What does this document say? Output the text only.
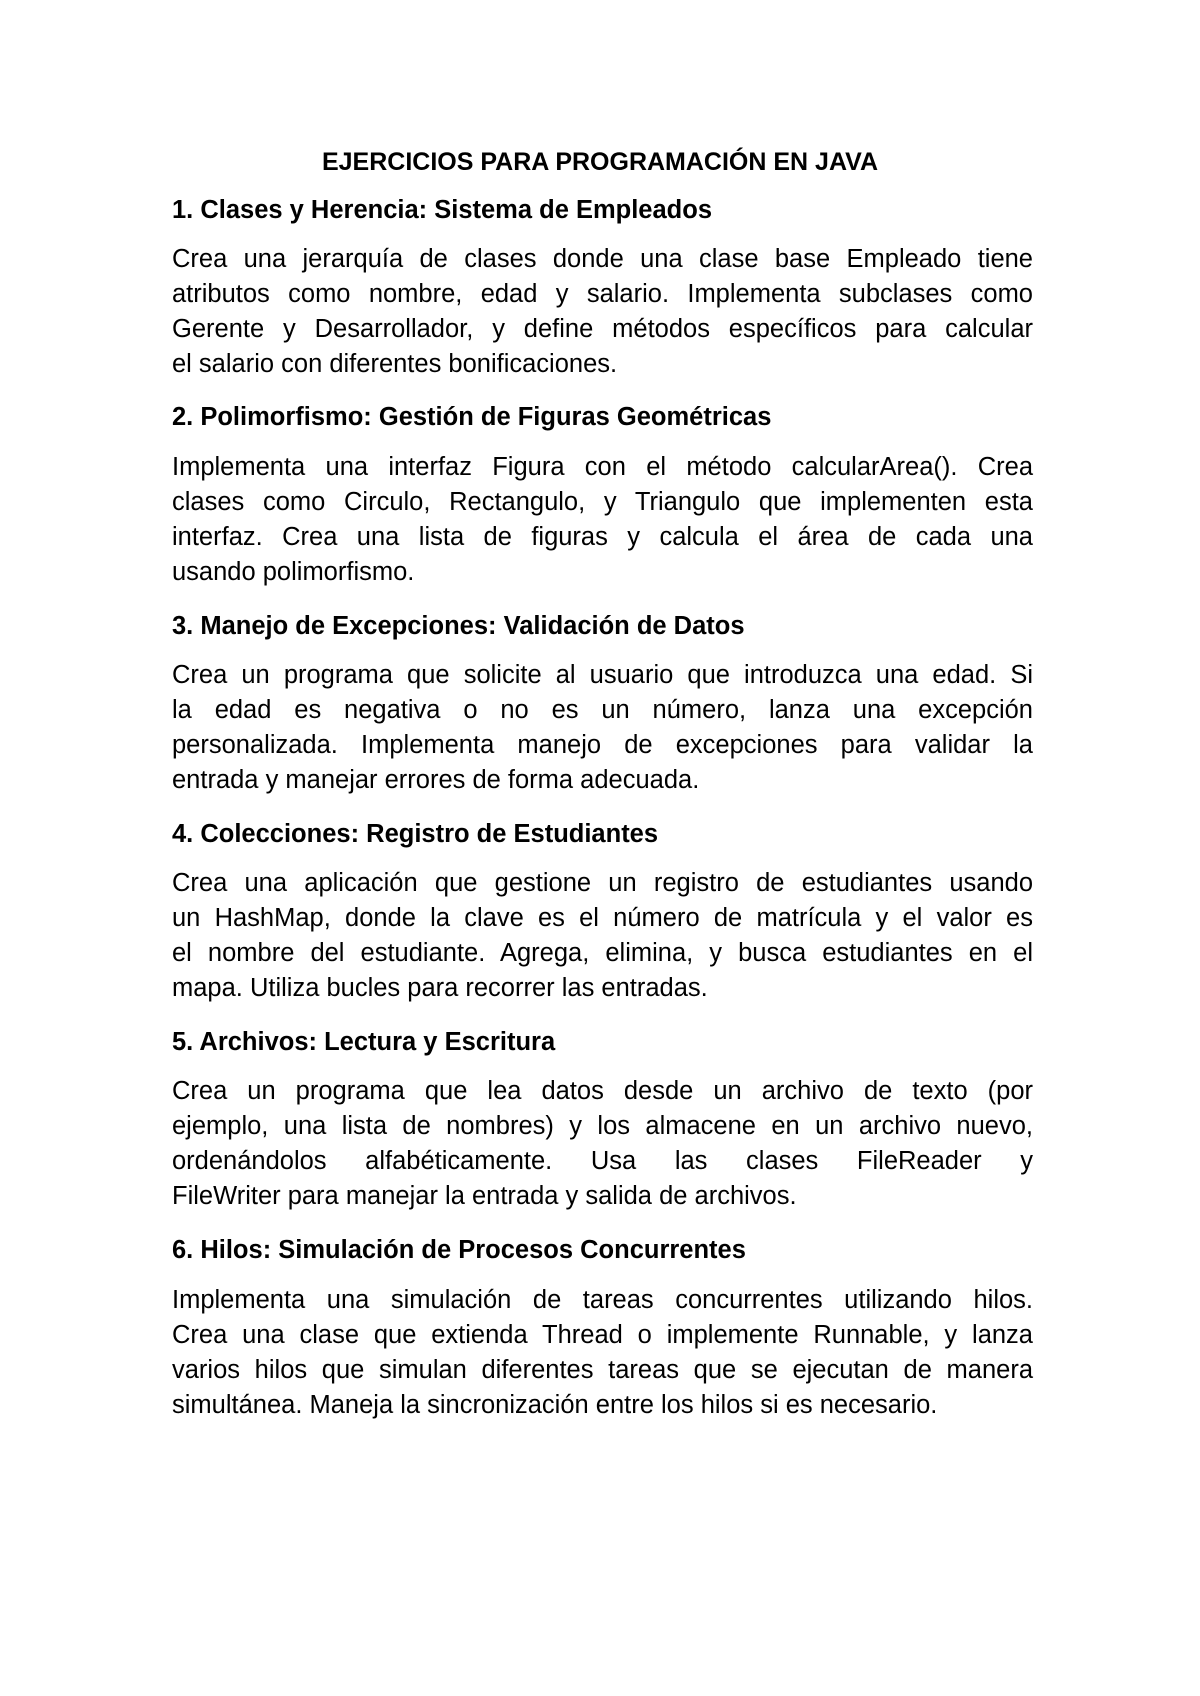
EJERCICIOS PARA PROGRAMACIÓN EN JAVA
1. Clases y Herencia: Sistema de Empleados
Crea una jerarquía de clases donde una clase base Empleado tiene
atributos como nombre, edad y salario. Implementa subclases como
Gerente y Desarrollador, y define métodos específicos para calcular
el salario con diferentes bonificaciones.
2. Polimorfismo: Gestión de Figuras Geométricas
Implementa una interfaz Figura con el método calcularArea(). Crea
clases como Circulo, Rectangulo, y Triangulo que implementen esta
interfaz. Crea una lista de figuras y calcula el área de cada una
usando polimorfismo.
3. Manejo de Excepciones: Validación de Datos
Crea un programa que solicite al usuario que introduzca una edad. Si
la edad es negativa o no es un número, lanza una excepción
personalizada. Implementa manejo de excepciones para validar la
entrada y manejar errores de forma adecuada.
4. Colecciones: Registro de Estudiantes
Crea una aplicación que gestione un registro de estudiantes usando
un HashMap, donde la clave es el número de matrícula y el valor es
el nombre del estudiante. Agrega, elimina, y busca estudiantes en el
mapa. Utiliza bucles para recorrer las entradas.
5. Archivos: Lectura y Escritura
Crea un programa que lea datos desde un archivo de texto (por
ejemplo, una lista de nombres) y los almacene en un archivo nuevo,
ordenándolos alfabéticamente. Usa las clases FileReader y
FileWriter para manejar la entrada y salida de archivos.
6. Hilos: Simulación de Procesos Concurrentes
Implementa una simulación de tareas concurrentes utilizando hilos.
Crea una clase que extienda Thread o implemente Runnable, y lanza
varios hilos que simulan diferentes tareas que se ejecutan de manera
simultánea. Maneja la sincronización entre los hilos si es necesario.
